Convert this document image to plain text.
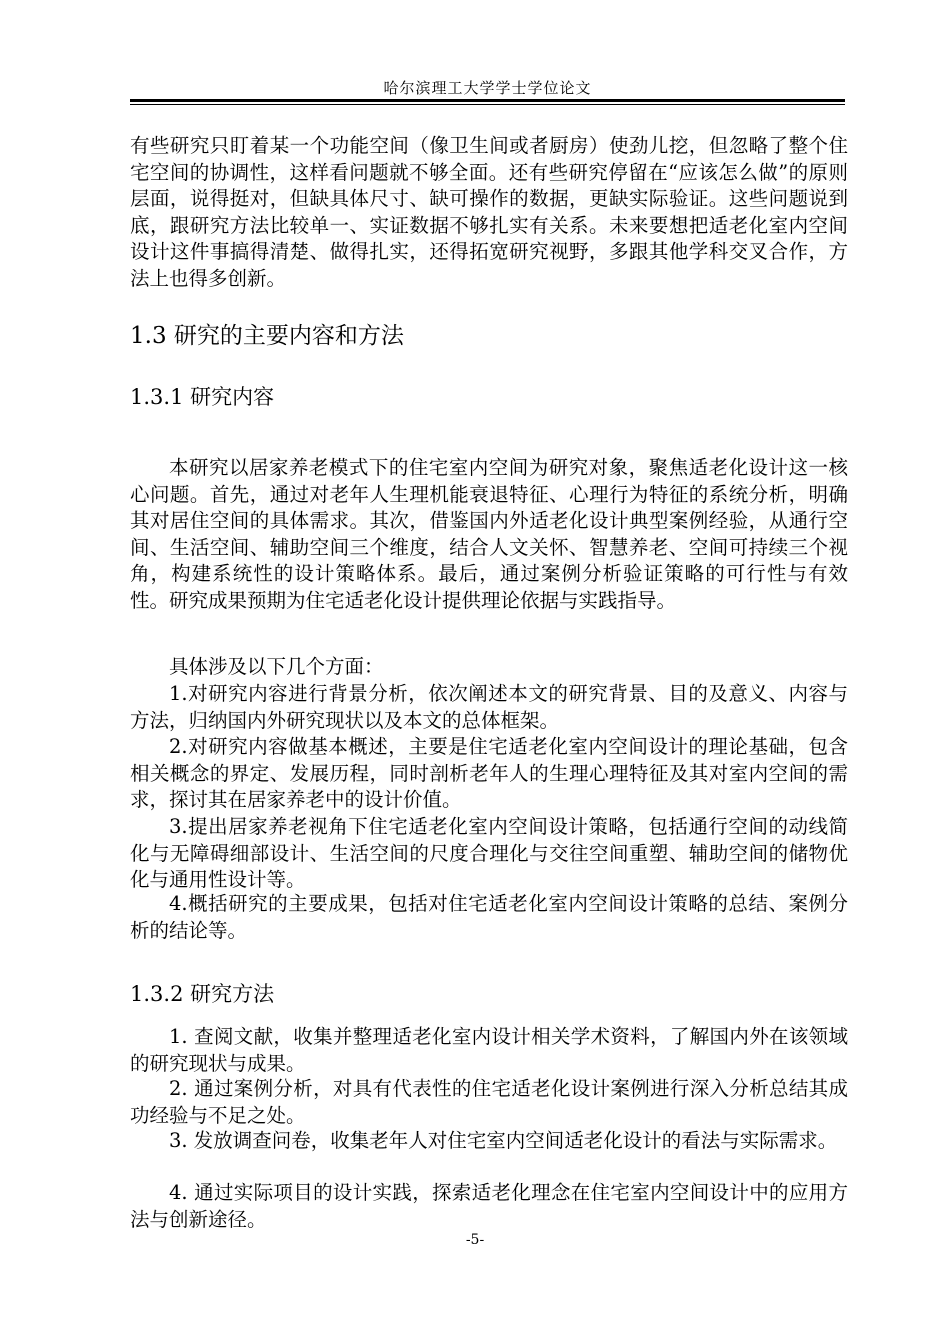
哈尔滨理工大学学士学位论文

有些研究只盯着某一个功能空间（像卫生间或者厨房）使劲儿挖，但忽略了整个住宅空间的协调性，这样看问题就不够全面。还有些研究停留在“应该怎么做”的原则层面，说得挺对，但缺具体尺寸、缺可操作的数据，更缺实际验证。这些问题说到底，跟研究方法比较单一、实证数据不够扎实有关系。未来要想把适老化室内空间设计这件事搞得清楚、做得扎实，还得拓宽研究视野，多跟其他学科交叉合作，方法上也得多创新。

1.3 研究的主要内容和方法
1.3.1 研究内容

本研究以居家养老模式下的住宅室内空间为研究对象，聚焦适老化设计这一核心问题。首先，通过对老年人生理机能衰退特征、心理行为特征的系统分析，明确其对居住空间的具体需求。其次，借鉴国内外适老化设计典型案例经验，从通行空间、生活空间、辅助空间三个维度，结合人文关怀、智慧养老、空间可持续三个视角，构建系统性的设计策略体系。最后，通过案例分析验证策略的可行性与有效性。研究成果预期为住宅适老化设计提供理论依据与实践指导。

具体涉及以下几个方面：

1.对研究内容进行背景分析，依次阐述本文的研究背景、目的及意义、内容与方法，归纳国内外研究现状以及本文的总体框架。

2.对研究内容做基本概述，主要是住宅适老化室内空间设计的理论基础，包含相关概念的界定、发展历程，同时剖析老年人的生理心理特征及其对室内空间的需求，探讨其在居家养老中的设计价值。

3.提出居家养老视角下住宅适老化室内空间设计策略，包括通行空间的动线简化与无障碍细部设计、生活空间的尺度合理化与交往空间重塑、辅助空间的储物优化与通用性设计等。

4.概括研究的主要成果，包括对住宅适老化室内空间设计策略的总结、案例分析的结论等。

1.3.2 研究方法

1. 查阅文献，收集并整理适老化室内设计相关学术资料，了解国内外在该领域的研究现状与成果。

2. 通过案例分析，对具有代表性的住宅适老化设计案例进行深入分析总结其成功经验与不足之处。

3. 发放调查问卷，收集老年人对住宅室内空间适老化设计的看法与实际需求。

4. 通过实际项目的设计实践，探索适老化理念在住宅室内空间设计中的应用方法与创新途径。

-5-
